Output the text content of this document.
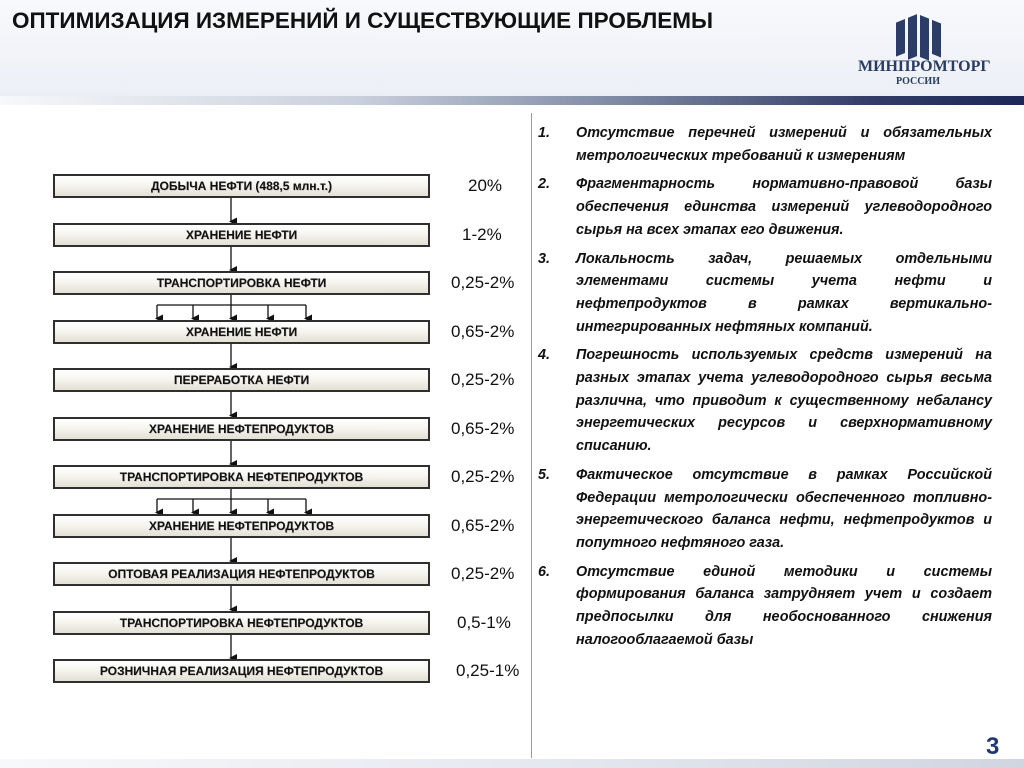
ОПТИМИЗАЦИЯ ИЗМЕРЕНИЙ И СУЩЕСТВУЮЩИЕ ПРОБЛЕМЫ
МИНПРОМТОРГ
РОССИИ
ДОБЫЧА НЕФТИ (488,5 млн.т.)	20%
ХРАНЕНИЕ НЕФТИ	1-2%
ТРАНСПОРТИРОВКА НЕФТИ	0,25-2%
ХРАНЕНИЕ НЕФТИ	0,65-2%
ПЕРЕРАБОТКА НЕФТИ	0,25-2%
ХРАНЕНИЕ НЕФТЕПРОДУКТОВ	0,65-2%
ТРАНСПОРТИРОВКА НЕФТЕПРОДУКТОВ	0,25-2%
ХРАНЕНИЕ НЕФТЕПРОДУКТОВ	0,65-2%
ОПТОВАЯ РЕАЛИЗАЦИЯ НЕФТЕПРОДУКТОВ	0,25-2%
ТРАНСПОРТИРОВКА НЕФТЕПРОДУКТОВ	0,5-1%
РОЗНИЧНАЯ РЕАЛИЗАЦИЯ НЕФТЕПРОДУКТОВ	0,25-1%
1. Отсутствие перечней измерений и обязательных метрологических требований к измерениям
2. Фрагментарность нормативно-правовой базы обеспечения единства измерений углеводородного сырья на всех этапах его движения.
3. Локальность задач, решаемых отдельными элементами системы учета нефти и нефтепродуктов в рамках вертикально-интегрированных нефтяных компаний.
4. Погрешность используемых средств измерений на разных этапах учета углеводородного сырья весьма различна, что приводит к существенному небалансу энергетических ресурсов и сверхнормативному списанию.
5. Фактическое отсутствие в рамках Российской Федерации метрологически обеспеченного топливно-энергетического баланса нефти, нефтепродуктов и попутного нефтяного газа.
6. Отсутствие единой методики и системы формирования баланса затрудняет учет и создает предпосылки для необоснованного снижения налогооблагаемой базы
3
